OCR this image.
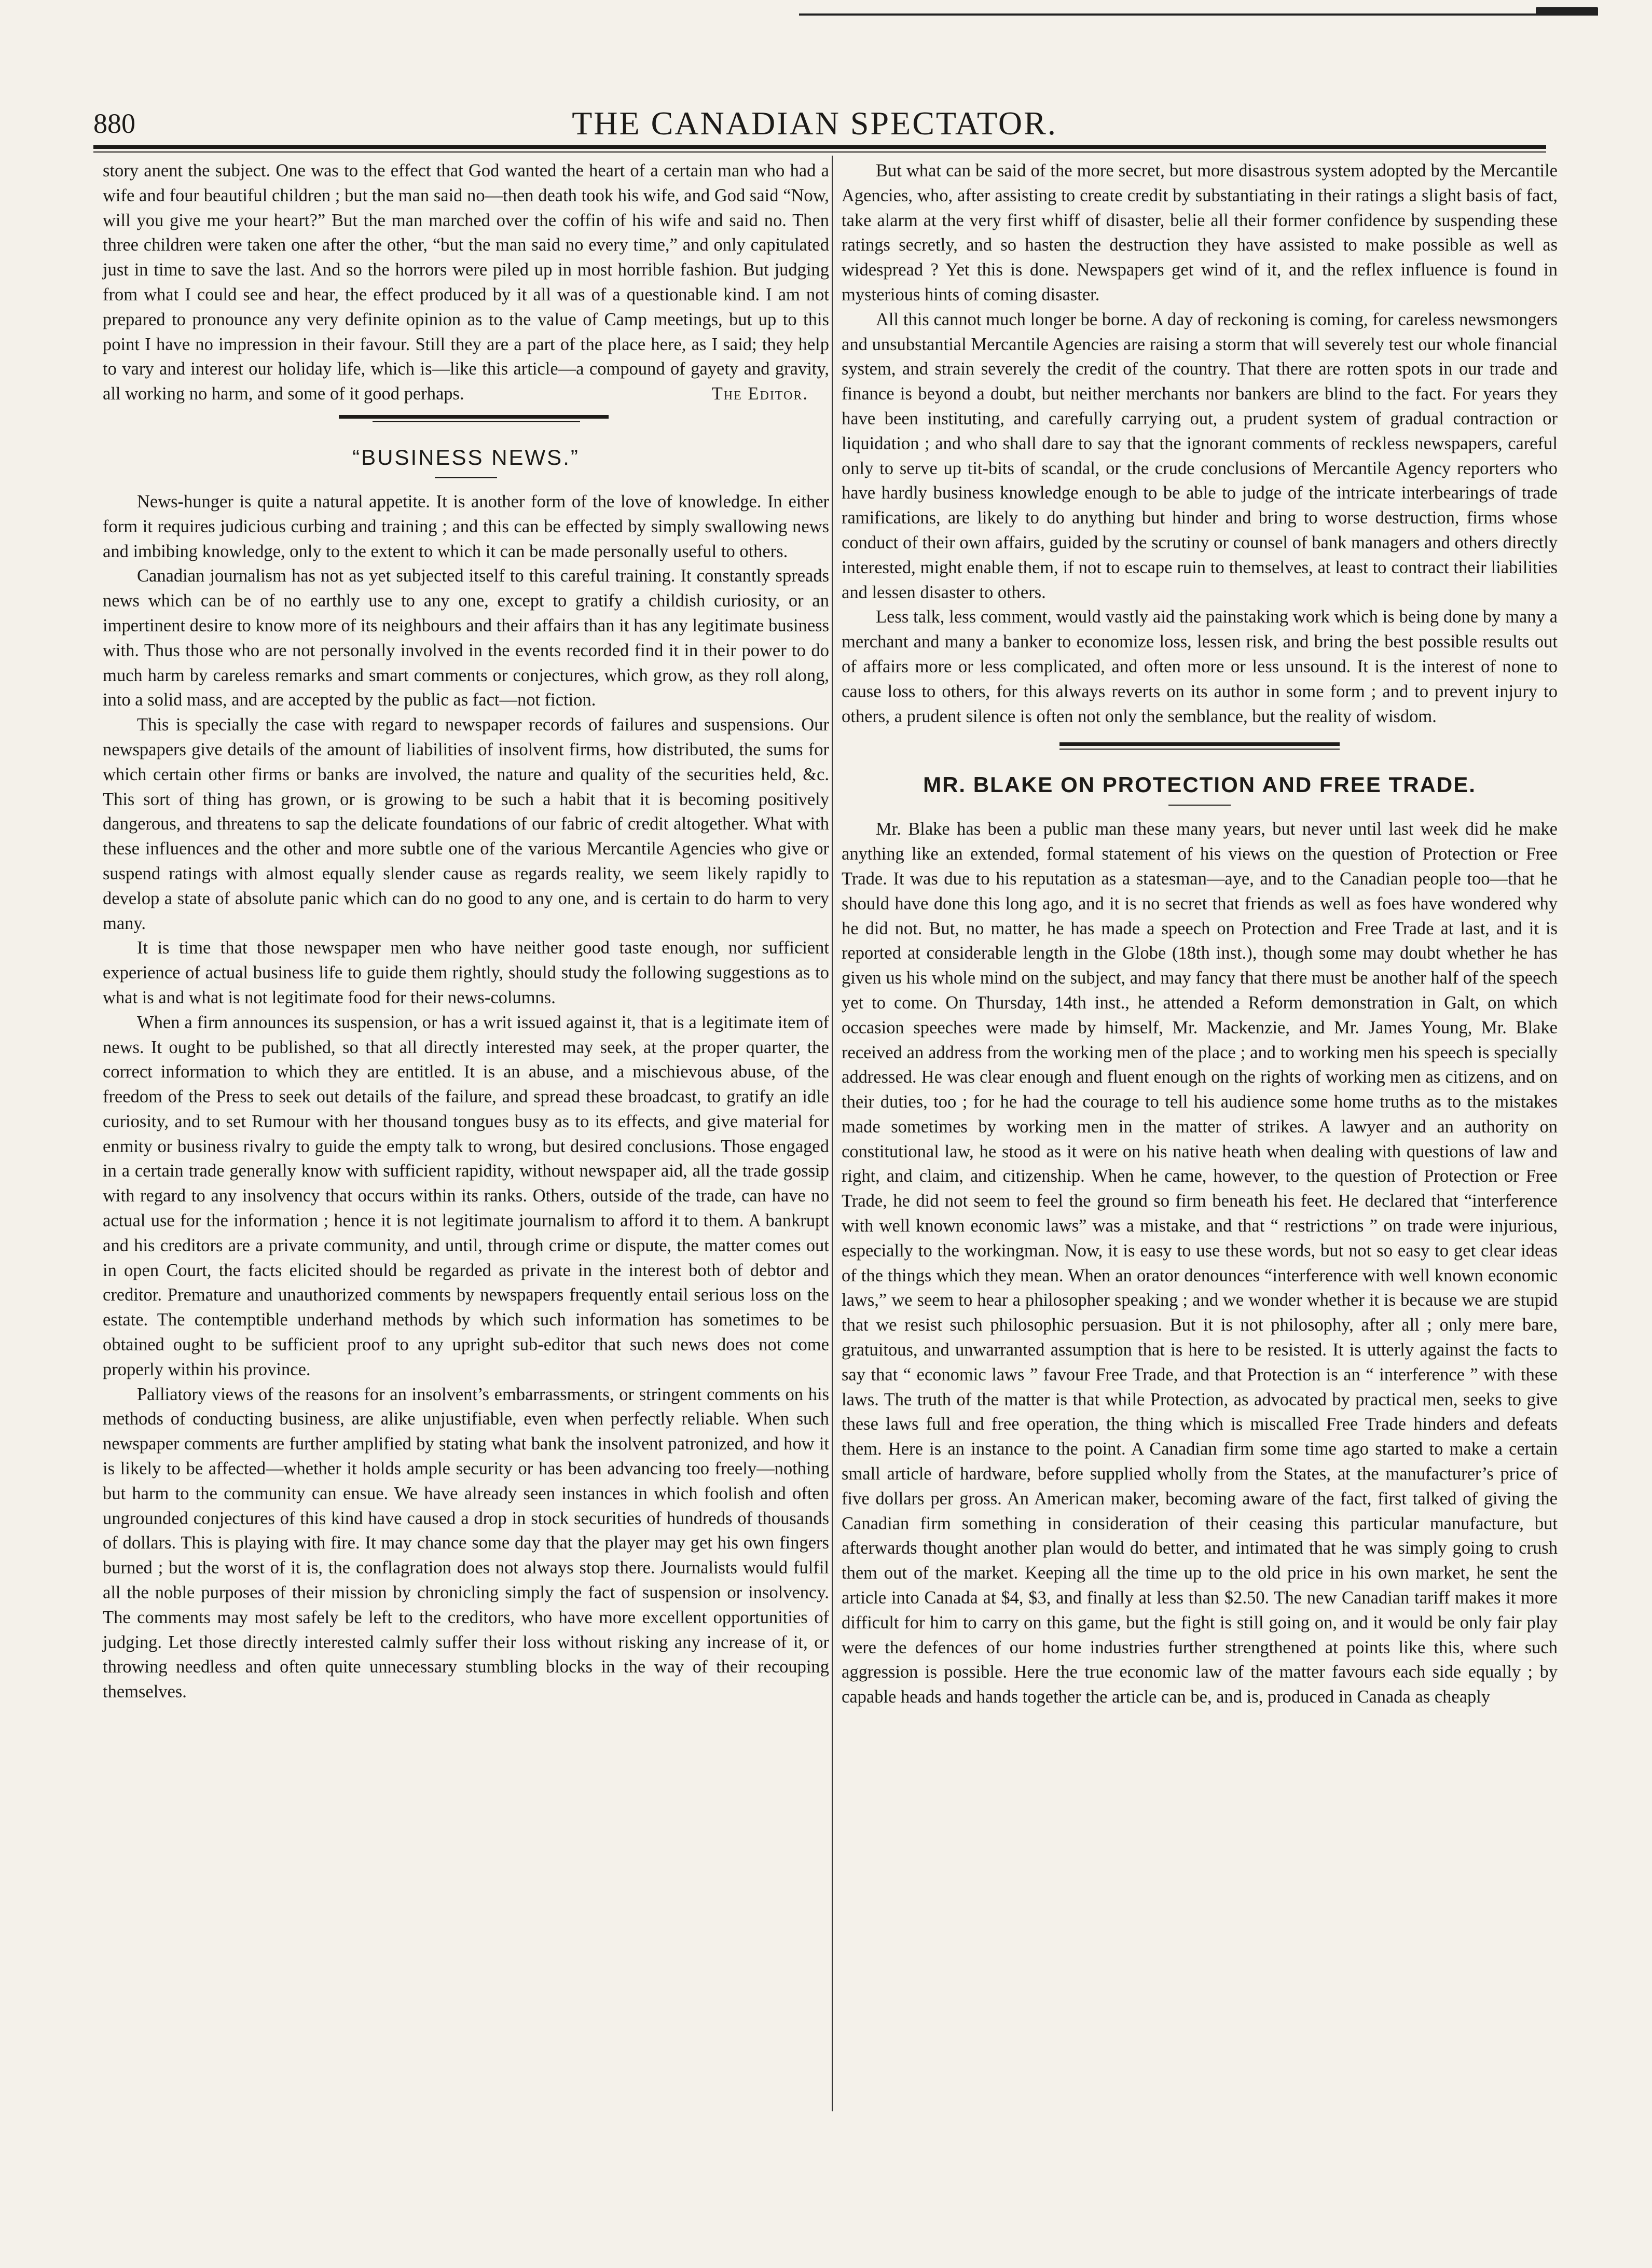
880	THE CANADIAN SPECTATOR.

story anent the subject. One was to the effect that God wanted the heart of a certain man who had a wife and four beautiful children ; but the man said no—then death took his wife, and God said “Now, will you give me your heart?” But the man marched over the coffin of his wife and said no. Then three children were taken one after the other, “but the man said no every time,” and only capitulated just in time to save the last. And so the horrors were piled up in most horrible fashion. But judging from what I could see and hear, the effect produced by it all was of a questionable kind. I am not prepared to pronounce any very definite opinion as to the value of Camp meetings, but up to this point I have no impression in their favour. Still they are a part of the place here, as I said; they help to vary and interest our holiday life, which is—like this article—a compound of gayety and gravity, all working no harm, and some of it good perhaps.	The Editor.

“BUSINESS NEWS.”

News-hunger is quite a natural appetite. It is another form of the love of knowledge. In either form it requires judicious curbing and training ; and this can be effected by simply swallowing news and imbibing knowledge, only to the extent to which it can be made personally useful to others.

Canadian journalism has not as yet subjected itself to this careful training. It constantly spreads news which can be of no earthly use to any one, except to gratify a childish curiosity, or an impertinent desire to know more of its neighbours and their affairs than it has any legitimate business with. Thus those who are not personally involved in the events recorded find it in their power to do much harm by careless remarks and smart comments or conjectures, which grow, as they roll along, into a solid mass, and are accepted by the public as fact—not fiction.

This is specially the case with regard to newspaper records of failures and suspensions. Our newspapers give details of the amount of liabilities of insolvent firms, how distributed, the sums for which certain other firms or banks are involved, the nature and quality of the securities held, &c. This sort of thing has grown, or is growing to be such a habit that it is becoming positively dangerous, and threatens to sap the delicate foundations of our fabric of credit altogether. What with these influences and the other and more subtle one of the various Mercantile Agencies who give or suspend ratings with almost equally slender cause as regards reality, we seem likely rapidly to develop a state of absolute panic which can do no good to any one, and is certain to do harm to very many.

It is time that those newspaper men who have neither good taste enough, nor sufficient experience of actual business life to guide them rightly, should study the following suggestions as to what is and what is not legitimate food for their news-columns.

When a firm announces its suspension, or has a writ issued against it, that is a legitimate item of news. It ought to be published, so that all directly interested may seek, at the proper quarter, the correct information to which they are entitled. It is an abuse, and a mischievous abuse, of the freedom of the Press to seek out details of the failure, and spread these broadcast, to gratify an idle curiosity, and to set Rumour with her thousand tongues busy as to its effects, and give material for enmity or business rivalry to guide the empty talk to wrong, but desired conclusions. Those engaged in a certain trade generally know with sufficient rapidity, without newspaper aid, all the trade gossip with regard to any insolvency that occurs within its ranks. Others, outside of the trade, can have no actual use for the information ; hence it is not legitimate journalism to afford it to them. A bankrupt and his creditors are a private community, and until, through crime or dispute, the matter comes out in open Court, the facts elicited should be regarded as private in the interest both of debtor and creditor. Premature and unauthorized comments by newspapers frequently entail serious loss on the estate. The contemptible underhand methods by which such information has sometimes to be obtained ought to be sufficient proof to any upright sub-editor that such news does not come properly within his province.

Palliatory views of the reasons for an insolvent’s embarrassments, or stringent comments on his methods of conducting business, are alike unjustifiable, even when perfectly reliable. When such newspaper comments are further amplified by stating what bank the insolvent patronized, and how it is likely to be affected—whether it holds ample security or has been advancing too freely—nothing but harm to the community can ensue. We have already seen instances in which foolish and often ungrounded conjectures of this kind have caused a drop in stock securities of hundreds of thousands of dollars. This is playing with fire. It may chance some day that the player may get his own fingers burned ; but the worst of it is, the conflagration does not always stop there. Journalists would fulfil all the noble purposes of their mission by chronicling simply the fact of suspension or insolvency. The comments may most safely be left to the creditors, who have more excellent opportunities of judging. Let those directly interested calmly suffer their loss without risking any increase of it, or throwing needless and often quite unnecessary stumbling blocks in the way of their recouping themselves.

But what can be said of the more secret, but more disastrous system adopted by the Mercantile Agencies, who, after assisting to create credit by substantiating in their ratings a slight basis of fact, take alarm at the very first whiff of disaster, belie all their former confidence by suspending these ratings secretly, and so hasten the destruction they have assisted to make possible as well as widespread ? Yet this is done. Newspapers get wind of it, and the reflex influence is found in mysterious hints of coming disaster.

All this cannot much longer be borne. A day of reckoning is coming, for careless newsmongers and unsubstantial Mercantile Agencies are raising a storm that will severely test our whole financial system, and strain severely the credit of the country. That there are rotten spots in our trade and finance is beyond a doubt, but neither merchants nor bankers are blind to the fact. For years they have been instituting, and carefully carrying out, a prudent system of gradual contraction or liquidation ; and who shall dare to say that the ignorant comments of reckless newspapers, careful only to serve up tit-bits of scandal, or the crude conclusions of Mercantile Agency reporters who have hardly business knowledge enough to be able to judge of the intricate interbearings of trade ramifications, are likely to do anything but hinder and bring to worse destruction, firms whose conduct of their own affairs, guided by the scrutiny or counsel of bank managers and others directly interested, might enable them, if not to escape ruin to themselves, at least to contract their liabilities and lessen disaster to others.

Less talk, less comment, would vastly aid the painstaking work which is being done by many a merchant and many a banker to economize loss, lessen risk, and bring the best possible results out of affairs more or less complicated, and often more or less unsound. It is the interest of none to cause loss to others, for this always reverts on its author in some form ; and to prevent injury to others, a prudent silence is often not only the semblance, but the reality of wisdom.

MR. BLAKE ON PROTECTION AND FREE TRADE.

Mr. Blake has been a public man these many years, but never until last week did he make anything like an extended, formal statement of his views on the question of Protection or Free Trade. It was due to his reputation as a statesman—aye, and to the Canadian people too—that he should have done this long ago, and it is no secret that friends as well as foes have wondered why he did not. But, no matter, he has made a speech on Protection and Free Trade at last, and it is reported at considerable length in the Globe (18th inst.), though some may doubt whether he has given us his whole mind on the subject, and may fancy that there must be another half of the speech yet to come. On Thursday, 14th inst., he attended a Reform demonstration in Galt, on which occasion speeches were made by himself, Mr. Mackenzie, and Mr. James Young, Mr. Blake received an address from the working men of the place ; and to working men his speech is specially addressed. He was clear enough and fluent enough on the rights of working men as citizens, and on their duties, too ; for he had the courage to tell his audience some home truths as to the mistakes made sometimes by working men in the matter of strikes. A lawyer and an authority on constitutional law, he stood as it were on his native heath when dealing with questions of law and right, and claim, and citizenship. When he came, however, to the question of Protection or Free Trade, he did not seem to feel the ground so firm beneath his feet. He declared that “interference with well known economic laws” was a mistake, and that “ restrictions ” on trade were injurious, especially to the workingman. Now, it is easy to use these words, but not so easy to get clear ideas of the things which they mean. When an orator denounces “interference with well known economic laws,” we seem to hear a philosopher speaking ; and we wonder whether it is because we are stupid that we resist such philosophic persuasion. But it is not philosophy, after all ; only mere bare, gratuitous, and unwarranted assumption that is here to be resisted. It is utterly against the facts to say that “ economic laws ” favour Free Trade, and that Protection is an “ interference ” with these laws. The truth of the matter is that while Protection, as advocated by practical men, seeks to give these laws full and free operation, the thing which is miscalled Free Trade hinders and defeats them. Here is an instance to the point. A Canadian firm some time ago started to make a certain small article of hardware, before supplied wholly from the States, at the manufacturer’s price of five dollars per gross. An American maker, becoming aware of the fact, first talked of giving the Canadian firm something in consideration of their ceasing this particular manufacture, but afterwards thought another plan would do better, and intimated that he was simply going to crush them out of the market. Keeping all the time up to the old price in his own market, he sent the article into Canada at $4, $3, and finally at less than $2.50. The new Canadian tariff makes it more difficult for him to carry on this game, but the fight is still going on, and it would be only fair play were the defences of our home industries further strengthened at points like this, where such aggression is possible. Here the true economic law of the matter favours each side equally ; by capable heads and hands together the article can be, and is, produced in Canada as cheaply
